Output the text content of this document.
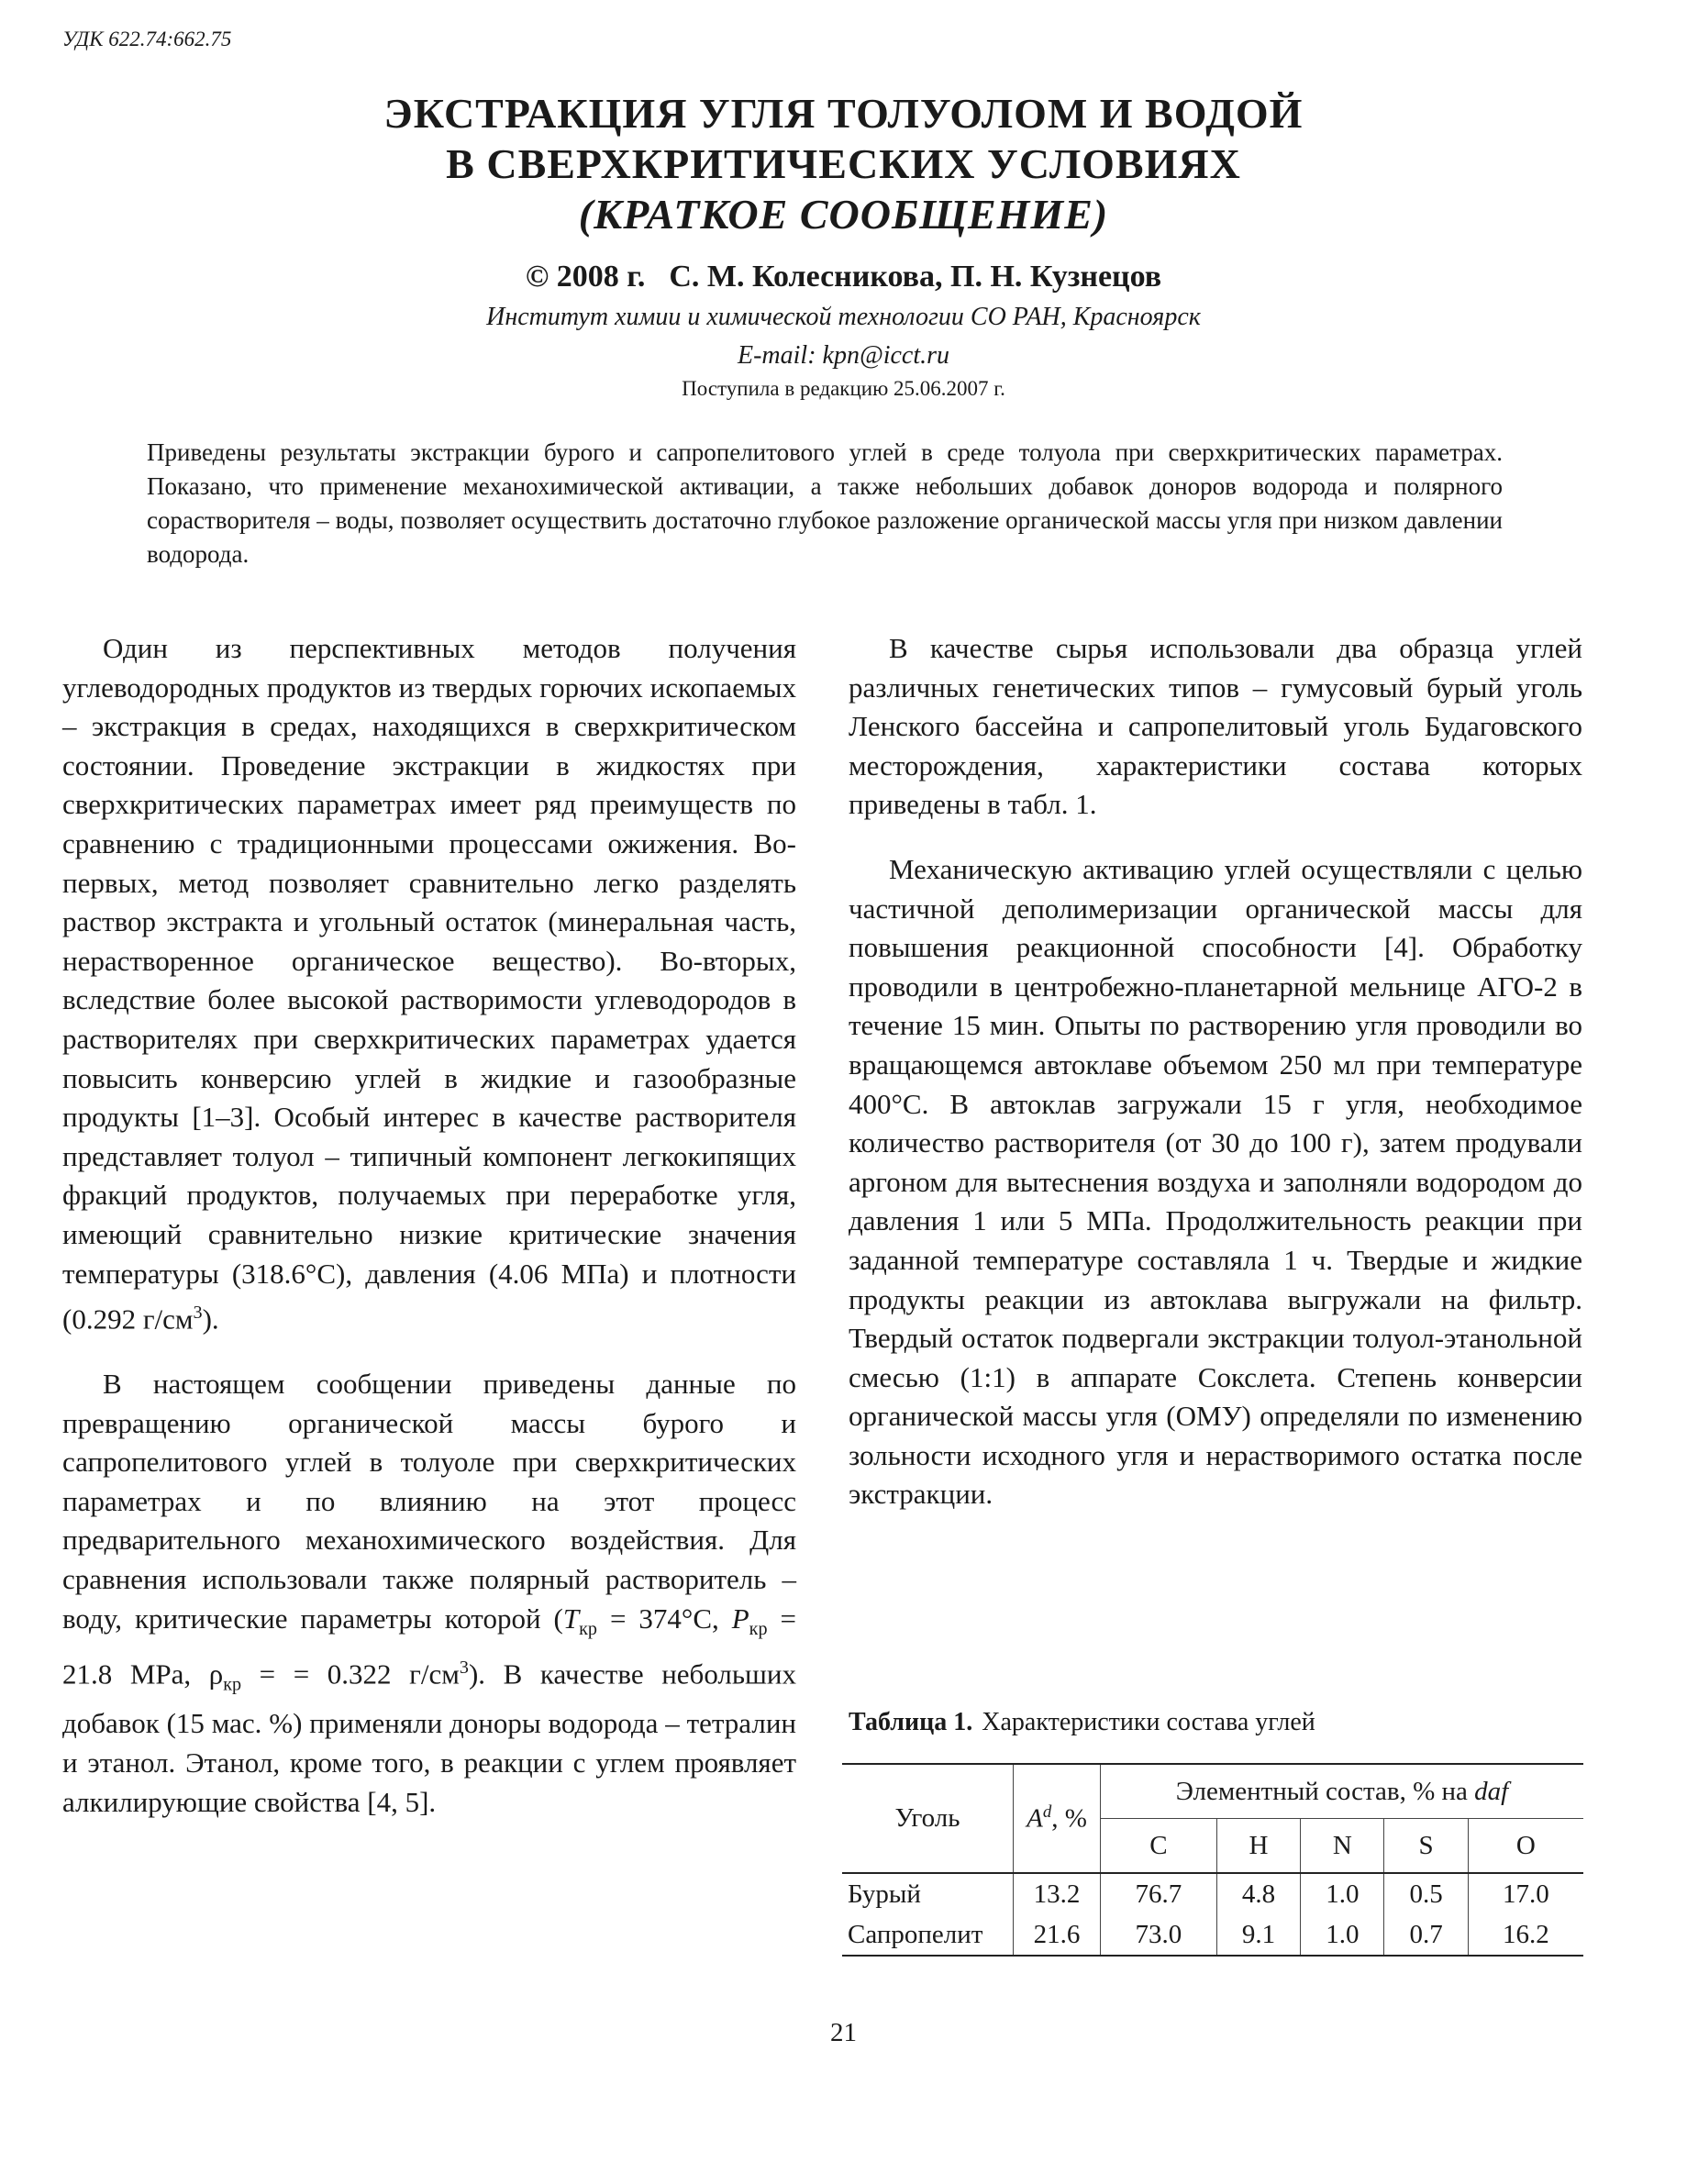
УДК 622.74:662.75
ЭКСТРАКЦИЯ УГЛЯ ТОЛУОЛОМ И ВОДОЙ
В СВЕРХКРИТИЧЕСКИХ УСЛОВИЯХ
(КРАТКОЕ СООБЩЕНИЕ)
© 2008 г. С. М. Колесникова, П. Н. Кузнецов
Институт химии и химической технологии СО РАН, Красноярск
E-mail: kpn@icct.ru
Поступила в редакцию 25.06.2007 г.
Приведены результаты экстракции бурого и сапропелитового углей в среде толуола при сверхкритических параметрах. Показано, что применение механохимической активации, а также небольших добавок доноров водорода и полярного сорастворителя – воды, позволяет осуществить достаточно глубокое разложение органической массы угля при низком давлении водорода.

Один из перспективных методов получения углеводородных продуктов из твердых горючих ископаемых – экстракция в средах, находящихся в сверхкритическом состоянии. Проведение экстракции в жидкостях при сверхкритических параметрах имеет ряд преимуществ по сравнению с традиционными процессами ожижения. Во-первых, метод позволяет сравнительно легко разделять раствор экстракта и угольный остаток (минеральная часть, нерастворенное органическое вещество). Во-вторых, вследствие более высокой растворимости углеводородов в растворителях при сверхкритических параметрах удается повысить конверсию углей в жидкие и газообразные продукты [1–3]. Особый интерес в качестве растворителя представляет толуол – типичный компонент легкокипящих фракций продуктов, получаемых при переработке угля, имеющий сравнительно низкие критические значения температуры (318.6°С), давления (4.06 МПа) и плотности (0.292 $г/см^3$).

В настоящем сообщении приведены данные по превращению органической массы бурого и сапропелитового углей в толуоле при сверхкритических параметрах и по влиянию на этот процесс предварительного механохимического воздействия. Для сравнения использовали также полярный растворитель – воду, критические параметры которой ($T_{кр} = 374^\circ С$, $P_{кр} = 21.8$ MPa, $\rho_{кр}$ = = 0.322 $г/см^3$). В качестве небольших добавок (15 мас. %) применяли доноры водорода – тетралин и этанол. Этанол, кроме того, в реакции с углем проявляет алкилирующие свойства [4, 5].

В качестве сырья использовали два образца углей различных генетических типов – гумусовый бурый уголь Ленского бассейна и сапропелитовый уголь Будаговского месторождения, характеристики состава которых приведены в табл. 1.

Механическую активацию углей осуществляли с целью частичной деполимеризации органической массы для повышения реакционной способности [4]. Обработку проводили в центробежно-планетарной мельнице АГО-2 в течение 15 мин. Опыты по растворению угля проводили во вращающемся автоклаве объемом 250 мл при температуре 400°С. В автоклав загружали 15 г угля, необходимое количество растворителя (от 30 до 100 г), затем продували аргоном для вытеснения воздуха и заполняли водородом до давления 1 или 5 МПа. Продолжительность реакции при заданной температуре составляла 1 ч. Твердые и жидкие продукты реакции из автоклава выгружали на фильтр. Твердый остаток подвергали экстракции толуол-этанольной смесью (1:1) в аппарате Сокслета. Степень конверсии органической массы угля (ОМУ) определяли по изменению зольности исходного угля и нерастворимого остатка после экстракции.

Таблица 1. Характеристики состава углей
Уголь	$A^d$, %	Элементный состав, % на daf				
		C	H	N	S	O
Бурый	13.2	76.7	4.8	1.0	0.5	17.0
Сапропелит	21.6	73.0	9.1	1.0	0.7	16.2
21
